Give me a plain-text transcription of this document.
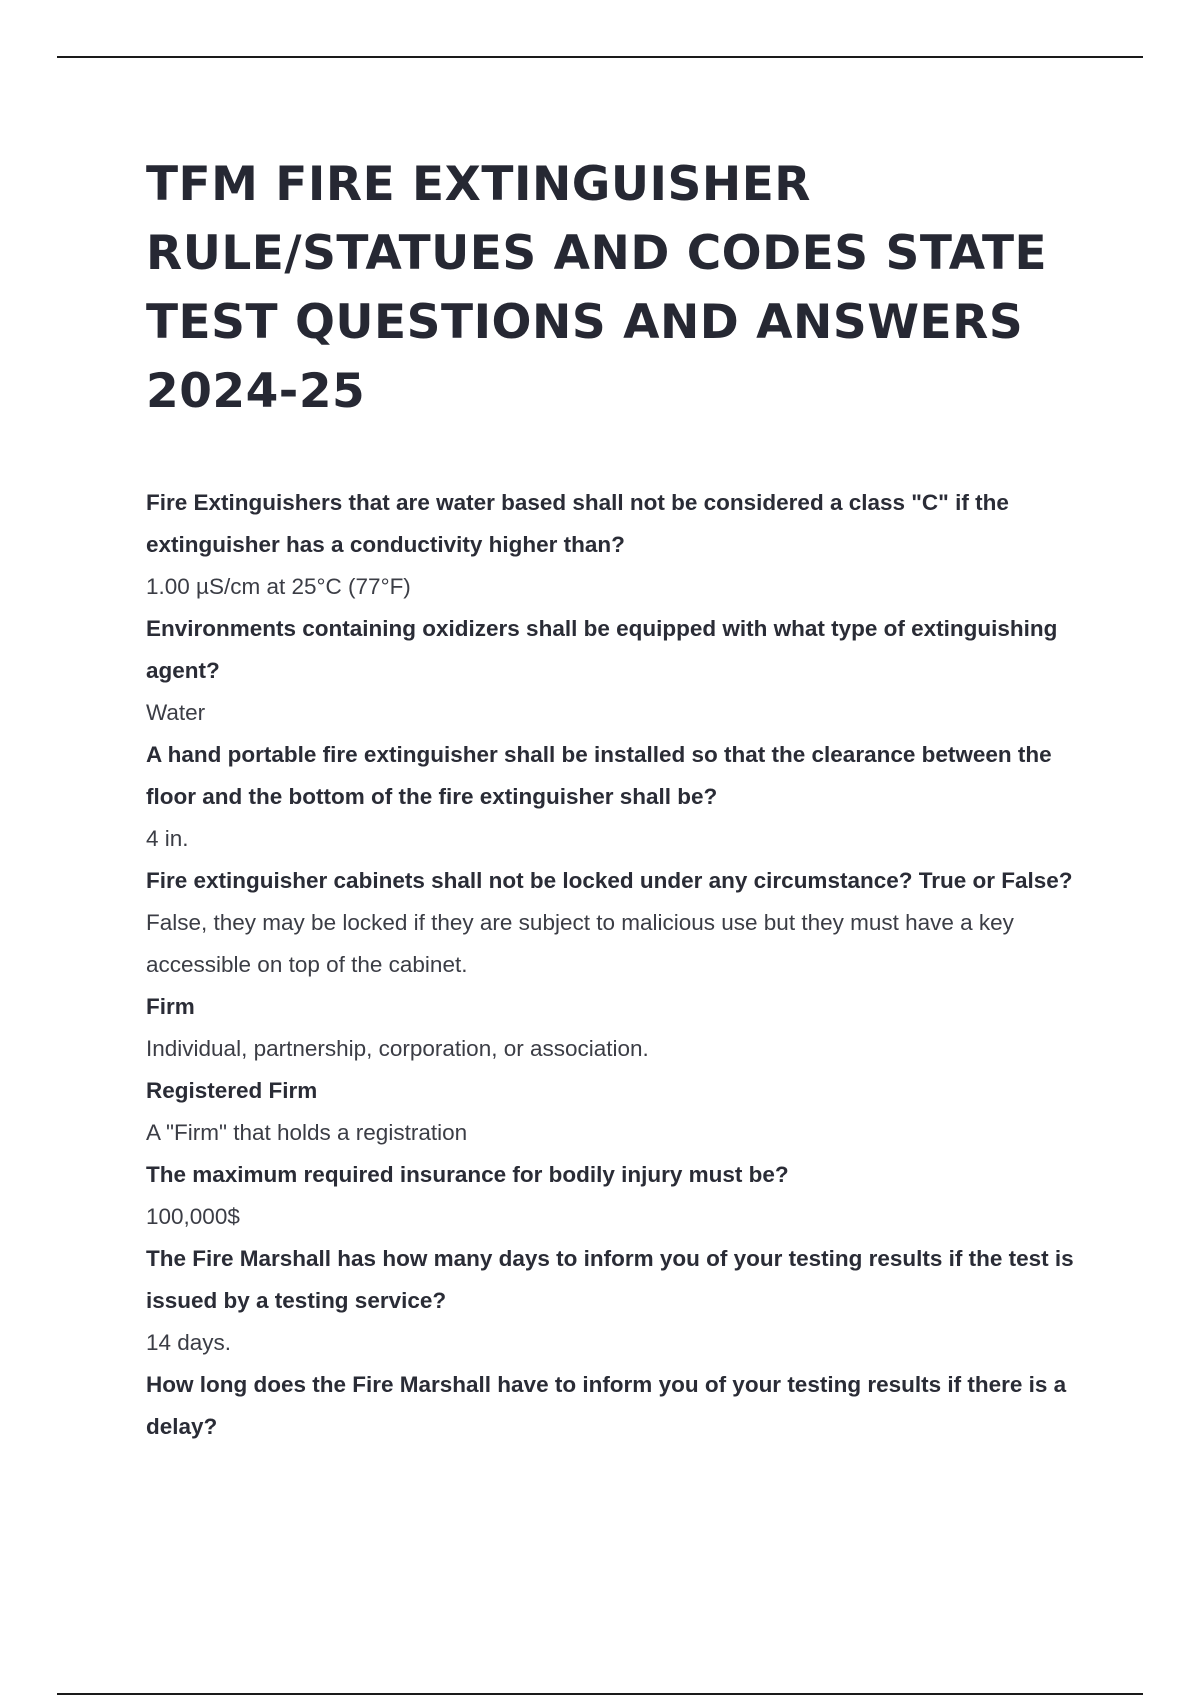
TFM FIRE EXTINGUISHER RULE/STATUES AND CODES STATE TEST QUESTIONS AND ANSWERS 2024-25

Fire Extinguishers that are water based shall not be considered a class "C" if the extinguisher has a conductivity higher than?

1.00 µS/cm at 25°C (77°F)

Environments containing oxidizers shall be equipped with what type of extinguishing agent?

Water

A hand portable fire extinguisher shall be installed so that the clearance between the floor and the bottom of the fire extinguisher shall be?

4 in.

Fire extinguisher cabinets shall not be locked under any circumstance? True or False?

False, they may be locked if they are subject to malicious use but they must have a key accessible on top of the cabinet.

Firm

Individual, partnership, corporation, or association.

Registered Firm

A "Firm" that holds a registration

The maximum required insurance for bodily injury must be?

100,000$

The Fire Marshall has how many days to inform you of your testing results if the test is issued by a testing service?

14 days.

How long does the Fire Marshall have to inform you of your testing results if there is a delay?
